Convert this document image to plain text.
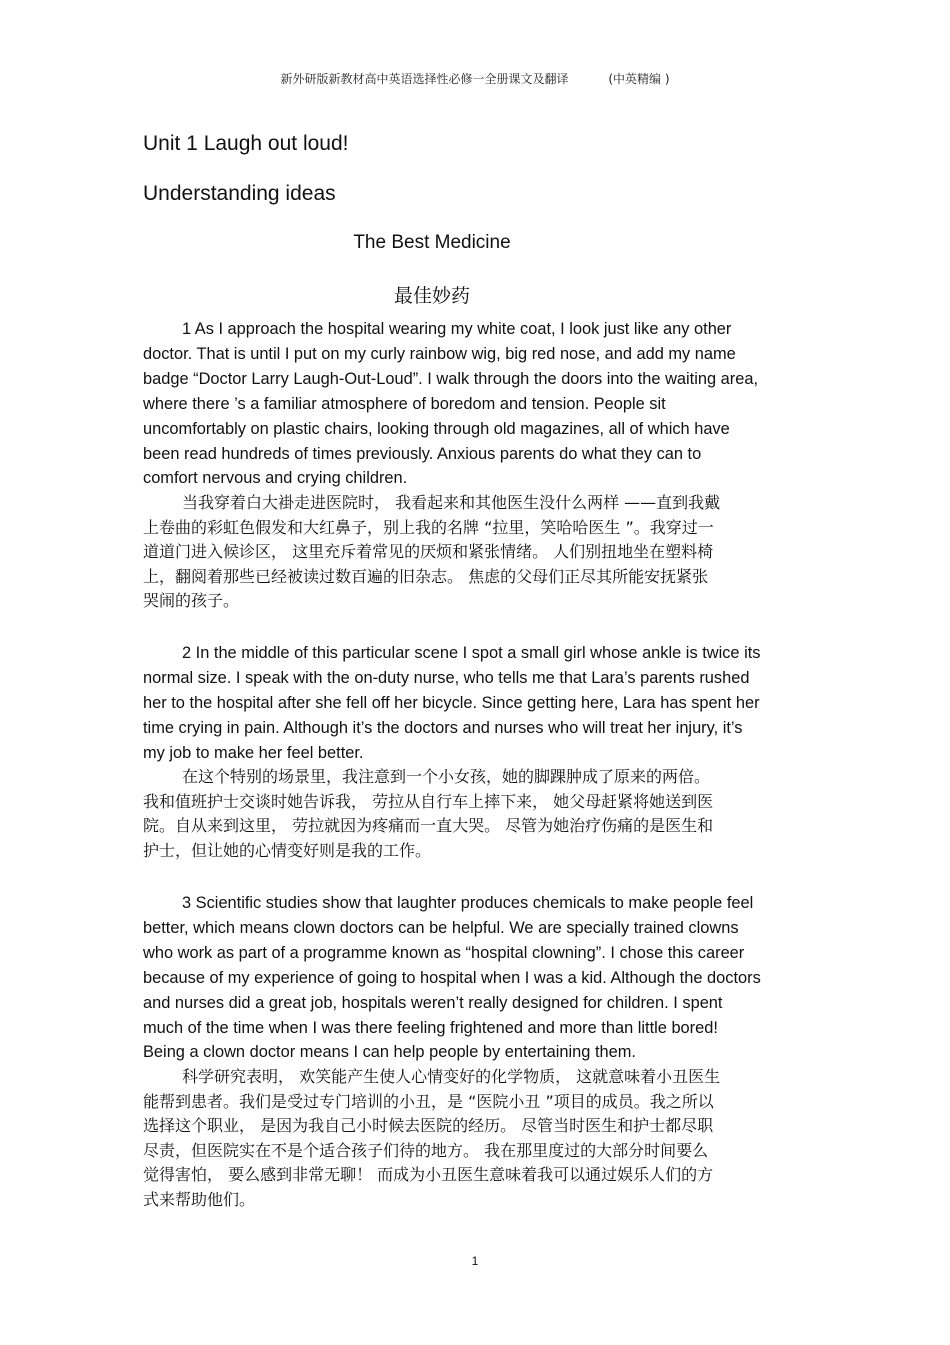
新外研版新教材高中英语选择性必修一全册课文及翻译	(中英精编 )
Unit 1 Laugh out loud!
Understanding ideas
The Best Medicine
最佳妙药
1 As I approach the hospital wearing my white coat, I look just like any other
doctor. That is until I put on my curly rainbow wig, big red nose, and add my name
badge “Doctor Larry Laugh-Out-Loud”. I walk through the doors into the waiting area,
where there ’s a familiar atmosphere of boredom and tension. People sit
uncomfortably on plastic chairs, looking through old magazines, all of which have
been read hundreds of times previously. Anxious parents do what they can to
comfort nervous and crying children.
当我穿着白大褂走进医院时， 我看起来和其他医生没什么两样 ——直到我戴
上卷曲的彩虹色假发和大红鼻子，别上我的名牌 “拉里，笑哈哈医生 ”。我穿过一
道道门进入候诊区， 这里充斥着常见的厌烦和紧张情绪。 人们别扭地坐在塑料椅
上，翻阅着那些已经被读过数百遍的旧杂志。 焦虑的父母们正尽其所能安抚紧张
哭闹的孩子。
2 In the middle of this particular scene I spot a small girl whose ankle is twice its
normal size. I speak with the on-duty nurse, who tells me that Lara’s parents rushed
her to the hospital after she fell off her bicycle. Since getting here, Lara has spent her
time crying in pain. Although it’s the doctors and nurses who will treat her injury, it’s
my job to make her feel better.
在这个特别的场景里，我注意到一个小女孩，她的脚踝肿成了原来的两倍。
我和值班护士交谈时她告诉我， 劳拉从自行车上摔下来， 她父母赶紧将她送到医
院。自从来到这里， 劳拉就因为疼痛而一直大哭。 尽管为她治疗伤痛的是医生和
护士，但让她的心情变好则是我的工作。
3 Scientific studies show that laughter produces chemicals to make people feel
better, which means clown doctors can be helpful. We are specially trained clowns
who work as part of a programme known as “hospital clowning”. I chose this career
because of my experience of going to hospital when I was a kid. Although the doctors
and nurses did a great job, hospitals weren’t really designed for children. I spent
much of the time when I was there feeling frightened and more than little bored!
Being a clown doctor means I can help people by entertaining them.
科学研究表明， 欢笑能产生使人心情变好的化学物质， 这就意味着小丑医生
能帮到患者。我们是受过专门培训的小丑，是 “医院小丑 ”项目的成员。我之所以
选择这个职业， 是因为我自己小时候去医院的经历。 尽管当时医生和护士都尽职
尽责，但医院实在不是个适合孩子们待的地方。 我在那里度过的大部分时间要么
觉得害怕， 要么感到非常无聊！ 而成为小丑医生意味着我可以通过娱乐人们的方
式来帮助他们。
1
